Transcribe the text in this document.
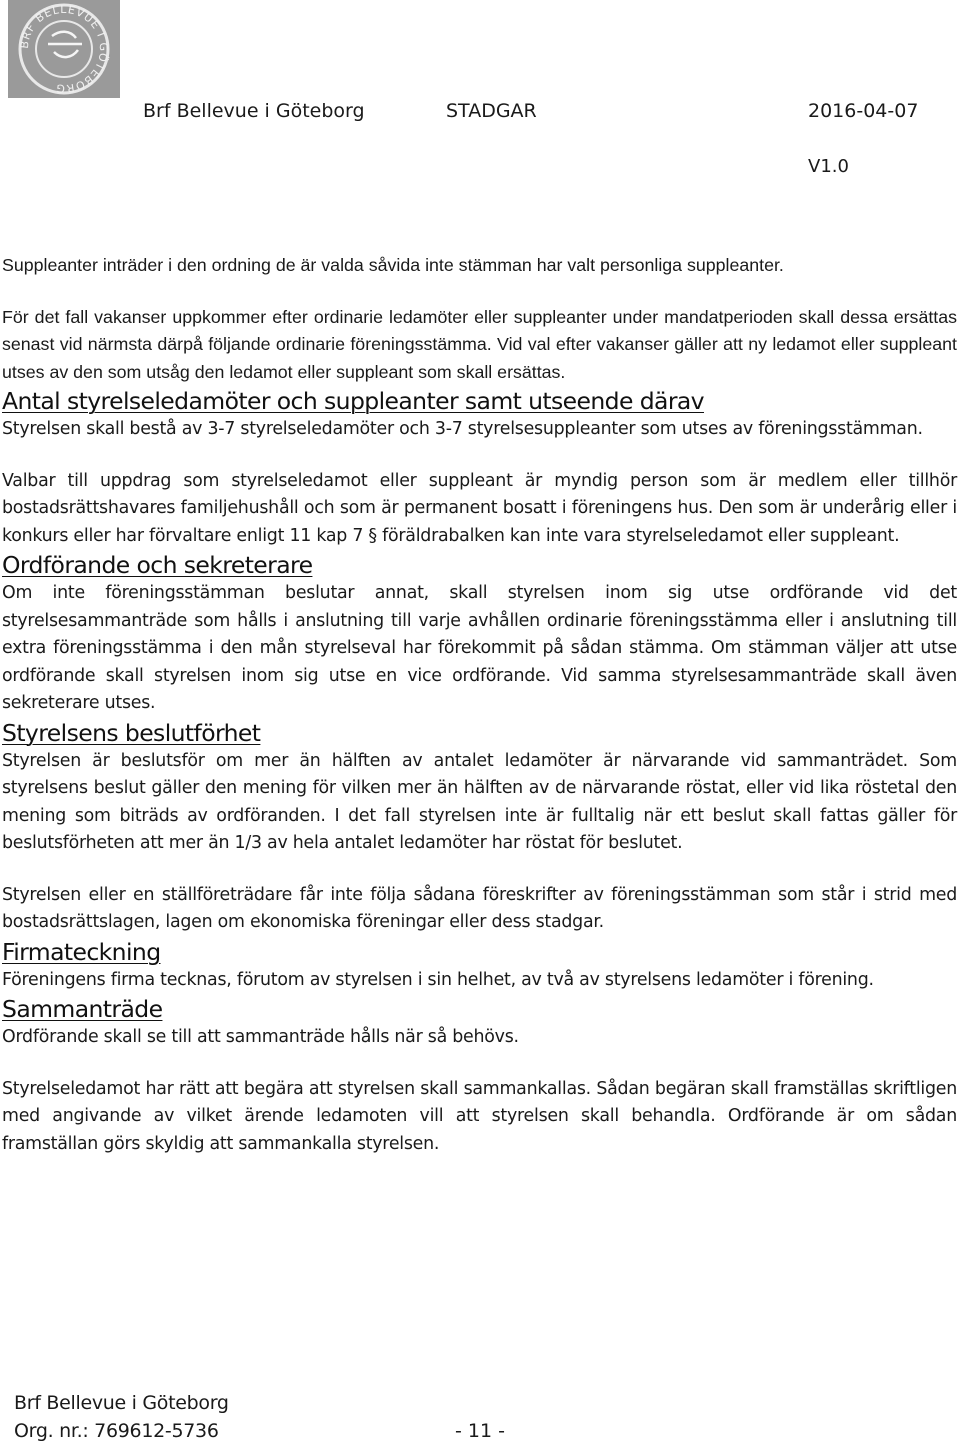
BRF BELLEVUE I GÖTEBORG
Brf Bellevue i Göteborg	STADGAR	2016-04-07
V1.0

Suppleanter inträder i den ordning de är valda såvida inte stämman har valt personliga suppleanter.

För det fall vakanser uppkommer efter ordinarie ledamöter eller suppleanter under mandatperioden skall dessa ersättas senast vid närmsta därpå följande ordinarie föreningsstämma. Vid val efter vakanser gäller att ny ledamot eller suppleant utses av den som utsåg den ledamot eller suppleant som skall ersättas.

Antal styrelseledamöter och suppleanter samt utseende därav

Styrelsen skall bestå av 3-7 styrelseledamöter och 3-7 styrelsesuppleanter som utses av föreningsstämman.

Valbar till uppdrag som styrelseledamot eller suppleant är myndig person som är medlem eller tillhör bostadsrättshavares familjehushåll och som är permanent bosatt i föreningens hus. Den som är underårig eller i konkurs eller har förvaltare enligt 11 kap 7 § föräldrabalken kan inte vara styrelseledamot eller suppleant.

Ordförande och sekreterare

Om inte föreningsstämman beslutar annat, skall styrelsen inom sig utse ordförande vid det styrelsesammanträde som hålls i anslutning till varje avhållen ordinarie föreningsstämma eller i anslutning till extra föreningsstämma i den mån styrelseval har förekommit på sådan stämma. Om stämman väljer att utse ordförande skall styrelsen inom sig utse en vice ordförande. Vid samma styrelsesammanträde skall även sekreterare utses.

Styrelsens beslutförhet

Styrelsen är beslutsför om mer än hälften av antalet ledamöter är närvarande vid sammanträdet. Som styrelsens beslut gäller den mening för vilken mer än hälften av de närvarande röstat, eller vid lika röstetal den mening som biträds av ordföranden. I det fall styrelsen inte är fulltalig när ett beslut skall fattas gäller för beslutsförheten att mer än 1/3 av hela antalet ledamöter har röstat för beslutet.

Styrelsen eller en ställföreträdare får inte följa sådana föreskrifter av föreningsstämman som står i strid med bostadsrättslagen, lagen om ekonomiska föreningar eller dess stadgar.

Firmateckning

Föreningens firma tecknas, förutom av styrelsen i sin helhet, av två av styrelsens ledamöter i förening.

Sammanträde

Ordförande skall se till att sammanträde hålls när så behövs.

Styrelseledamot har rätt att begära att styrelsen skall sammankallas. Sådan begäran skall framställas skriftligen med angivande av vilket ärende ledamoten vill att styrelsen skall behandla. Ordförande är om sådan framställan görs skyldig att sammankalla styrelsen.

Brf Bellevue i Göteborg
Org. nr.: 769612-5736	- 11 -
